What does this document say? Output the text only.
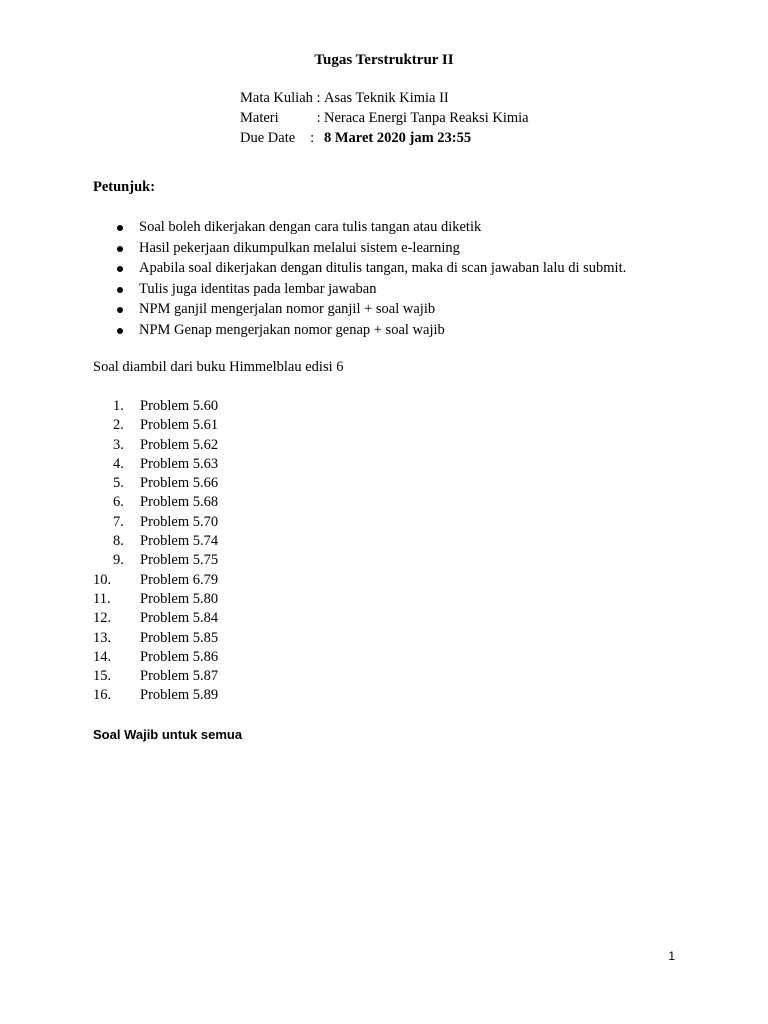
Tugas Terstruktrur II
Mata Kuliah : Asas Teknik Kimia II
Materi	: Neraca Energi Tanpa Reaksi Kimia
Due Date : 8 Maret 2020 jam 23:55
Petunjuk:
Soal boleh dikerjakan dengan cara tulis tangan atau diketik
Hasil pekerjaan dikumpulkan melalui sistem e-learning
Apabila soal dikerjakan dengan ditulis tangan, maka di scan jawaban lalu di submit.
Tulis juga identitas pada lembar jawaban
NPM ganjil mengerjalan nomor ganjil + soal wajib
NPM Genap mengerjakan nomor genap + soal wajib
Soal diambil dari buku Himmelblau edisi 6
1. Problem 5.60
2. Problem 5.61
3. Problem 5.62
4. Problem 5.63
5. Problem 5.66
6. Problem 5.68
7. Problem 5.70
8. Problem 5.74
9. Problem 5.75
10. Problem 6.79
11. Problem 5.80
12. Problem 5.84
13. Problem 5.85
14. Problem 5.86
15. Problem 5.87
16. Problem 5.89
Soal Wajib untuk semua
1
